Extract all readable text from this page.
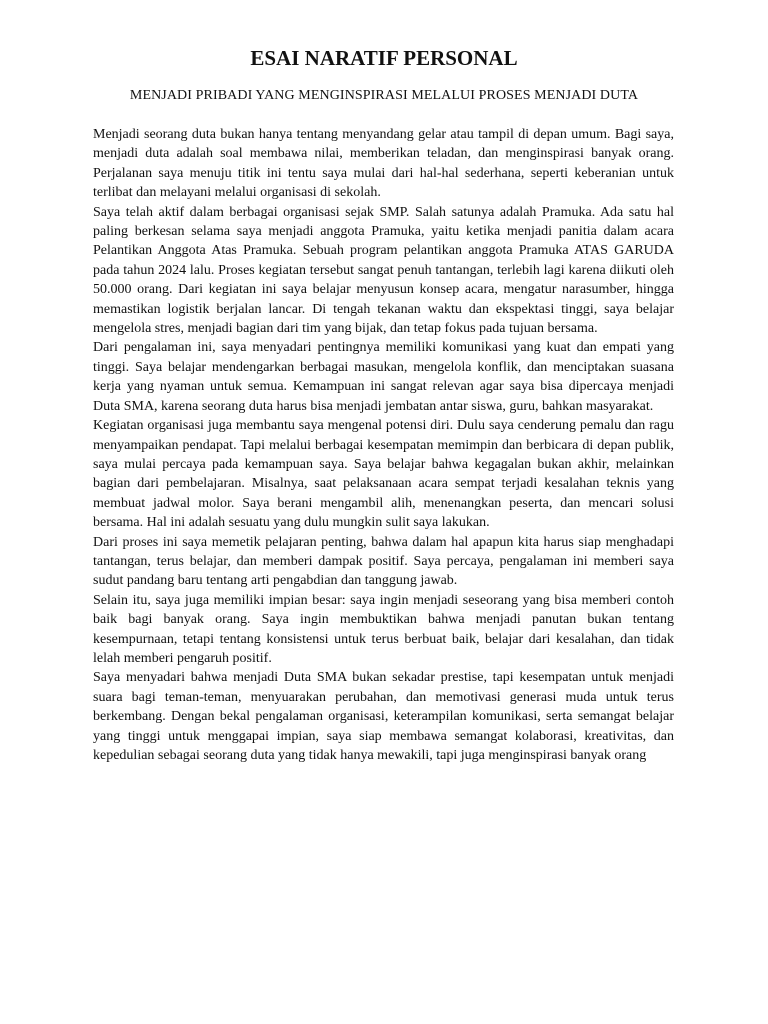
ESAI NARATIF PERSONAL
MENJADI PRIBADI YANG MENGINSPIRASI MELALUI PROSES MENJADI DUTA

Menjadi seorang duta bukan hanya tentang menyandang gelar atau tampil di depan umum. Bagi saya, menjadi duta adalah soal membawa nilai, memberikan teladan, dan menginspirasi banyak orang. Perjalanan saya menuju titik ini tentu saya mulai dari hal-hal sederhana, seperti keberanian untuk terlibat dan melayani melalui organisasi di sekolah.

Saya telah aktif dalam berbagai organisasi sejak SMP. Salah satunya adalah Pramuka. Ada satu hal paling berkesan selama saya menjadi anggota Pramuka, yaitu ketika menjadi panitia dalam acara Pelantikan Anggota Atas Pramuka. Sebuah program pelantikan anggota Pramuka ATAS GARUDA pada tahun 2024 lalu. Proses kegiatan tersebut sangat penuh tantangan, terlebih lagi karena diikuti oleh 50.000 orang. Dari kegiatan ini saya belajar menyusun konsep acara, mengatur narasumber, hingga memastikan logistik berjalan lancar. Di tengah tekanan waktu dan ekspektasi tinggi, saya belajar mengelola stres, menjadi bagian dari tim yang bijak, dan tetap fokus pada tujuan bersama.

Dari pengalaman ini, saya menyadari pentingnya memiliki komunikasi yang kuat dan empati yang tinggi. Saya belajar mendengarkan berbagai masukan, mengelola konflik, dan menciptakan suasana kerja yang nyaman untuk semua. Kemampuan ini sangat relevan agar saya bisa dipercaya menjadi Duta SMA, karena seorang duta harus bisa menjadi jembatan antar siswa, guru, bahkan masyarakat.

Kegiatan organisasi juga membantu saya mengenal potensi diri. Dulu saya cenderung pemalu dan ragu menyampaikan pendapat. Tapi melalui berbagai kesempatan memimpin dan berbicara di depan publik, saya mulai percaya pada kemampuan saya. Saya belajar bahwa kegagalan bukan akhir, melainkan bagian dari pembelajaran. Misalnya, saat pelaksanaan acara sempat terjadi kesalahan teknis yang membuat jadwal molor. Saya berani mengambil alih, menenangkan peserta, dan mencari solusi bersama. Hal ini adalah sesuatu yang dulu mungkin sulit saya lakukan.

Dari proses ini saya memetik pelajaran penting, bahwa dalam hal apapun kita harus siap menghadapi tantangan, terus belajar, dan memberi dampak positif. Saya percaya, pengalaman ini memberi saya sudut pandang baru tentang arti pengabdian dan tanggung jawab.

Selain itu, saya juga memiliki impian besar: saya ingin menjadi seseorang yang bisa memberi contoh baik bagi banyak orang. Saya ingin membuktikan bahwa menjadi panutan bukan tentang kesempurnaan, tetapi tentang konsistensi untuk terus berbuat baik, belajar dari kesalahan, dan tidak lelah memberi pengaruh positif.

Saya menyadari bahwa menjadi Duta SMA bukan sekadar prestise, tapi kesempatan untuk menjadi suara bagi teman-teman, menyuarakan perubahan, dan memotivasi generasi muda untuk terus berkembang. Dengan bekal pengalaman organisasi, keterampilan komunikasi, serta semangat belajar yang tinggi untuk menggapai impian, saya siap membawa semangat kolaborasi, kreativitas, dan kepedulian sebagai seorang duta yang tidak hanya mewakili, tapi juga menginspirasi banyak orang
